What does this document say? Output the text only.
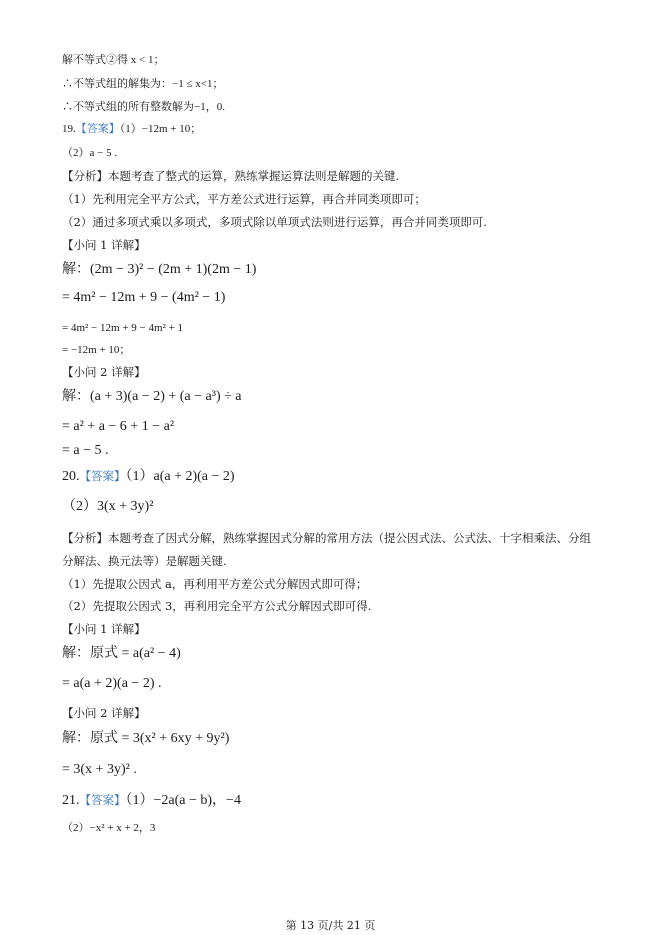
解不等式②得 x < 1；
∴不等式组的解集为：−1 ≤ x<1；
∴不等式组的所有整数解为−1，0.
19.【答案】（1）−12m + 10；
（2）a − 5 .
【分析】本题考查了整式的运算，熟练掌握运算法则是解题的关键.
（1）先利用完全平方公式，平方差公式进行运算，再合并同类项即可；
（2）通过多项式乘以多项式，多项式除以单项式法则进行运算，再合并同类项即可.
【小问 1 详解】
解：(2m − 3)² − (2m + 1)(2m − 1)
= 4m² − 12m + 9 − (4m² − 1)
= 4m² − 12m + 9 − 4m² + 1
= −12m + 10；
【小问 2 详解】
解：(a + 3)(a − 2) + (a − a³) ÷ a
= a² + a − 6 + 1 − a²
= a − 5 .
20.【答案】（1）a(a + 2)(a − 2)
（2）3(x + 3y)²
【分析】本题考查了因式分解，熟练掌握因式分解的常用方法（提公因式法、公式法、十字相乘法、分组
分解法、换元法等）是解题关键.
（1）先提取公因式 a，再利用平方差公式分解因式即可得；
（2）先提取公因式 3，再利用完全平方公式分解因式即可得.
【小问 1 详解】
解：原式 = a(a² − 4)
= a(a + 2)(a − 2) .
【小问 2 详解】
解：原式 = 3(x² + 6xy + 9y²)
= 3(x + 3y)² .
21.【答案】（1）−2a(a − b)，−4
（2）−x² + x + 2，3
第 13 页/共 21 页
